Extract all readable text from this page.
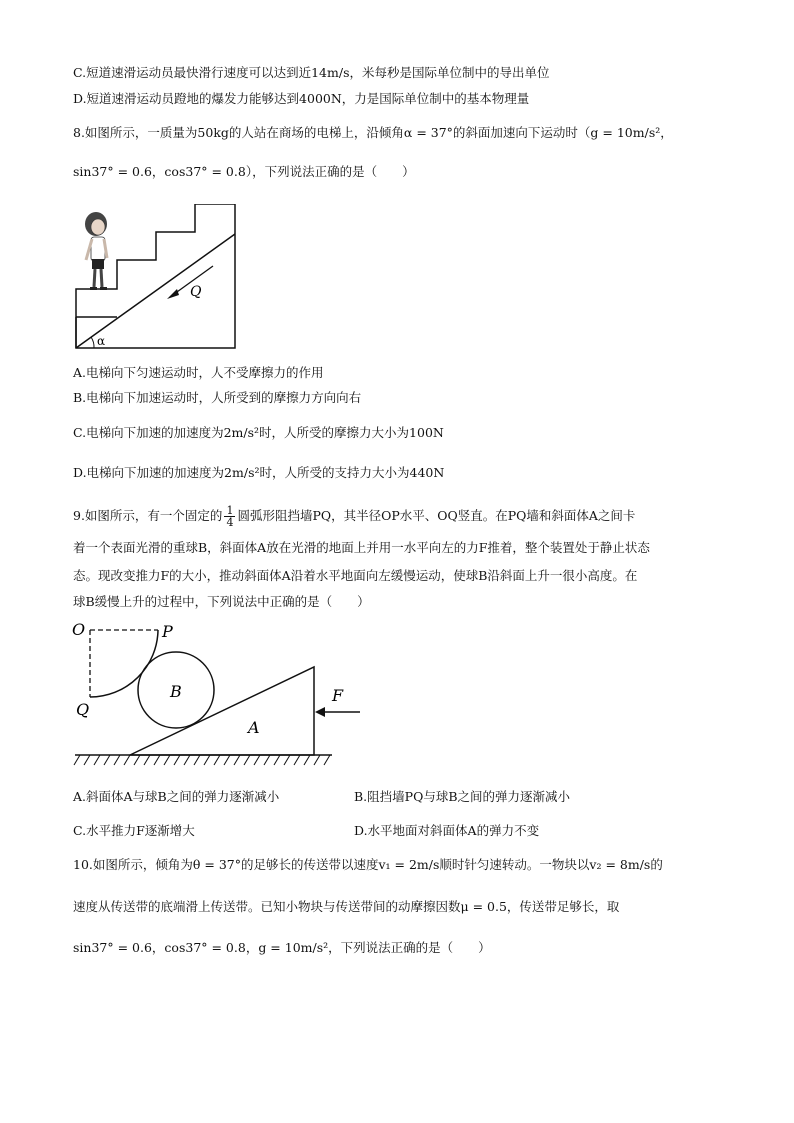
C.短道速滑运动员最快滑行速度可以达到近14m/s，米每秒是国际单位制中的导出单位
D.短道速滑运动员蹬地的爆发力能够达到4000N，力是国际单位制中的基本物理量
8.如图所示，一质量为50kg的人站在商场的电梯上，沿倾角α = 37°的斜面加速向下运动时（g = 10m/s²，
sin37° = 0.6，cos37° = 0.8），下列说法正确的是（　　）
Q
α
A.电梯向下匀速运动时，人不受摩擦力的作用
B.电梯向下加速运动时，人所受到的摩擦力方向向右
C.电梯向下加速的加速度为2m/s²时，人所受的摩擦力大小为100N
D.电梯向下加速的加速度为2m/s²时，人所受的支持力大小为440N
9.如图所示，有一个固定的 $\frac{1}{4}$ 圆弧形阻挡墙PQ，其半径OP水平、OQ竖直。在PQ墙和斜面体A之间卡
着一个表面光滑的重球B，斜面体A放在光滑的地面上并用一水平向左的力F推着，整个装置处于静止状态
态。现改变推力F的大小，推动斜面体A沿着水平地面向左缓慢运动，使球B沿斜面上升一很小高度。在
球B缓慢上升的过程中，下列说法中正确的是（　　）
O	P
Q
B
A
F
A.斜面体A与球B之间的弹力逐渐减小	B.阻挡墙PQ与球B之间的弹力逐渐减小
C.水平推力F逐渐增大	D.水平地面对斜面体A的弹力不变
10.如图所示，倾角为θ = 37°的足够长的传送带以速度v₁ = 2m/s顺时针匀速转动。一物块以v₂ = 8m/s的
速度从传送带的底端滑上传送带。已知小物块与传送带间的动摩擦因数μ = 0.5，传送带足够长，取
sin37° = 0.6，cos37° = 0.8，g = 10m/s²，下列说法正确的是（　　）
